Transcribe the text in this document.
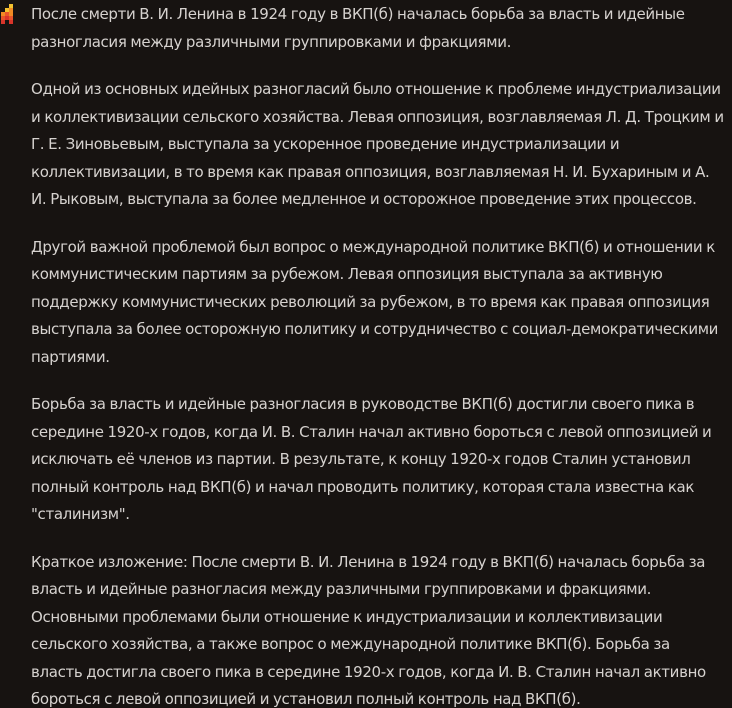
После смерти В. И. Ленина в 1924 году в ВКП(б) началась борьба за власть и идейные разногласия между различными группировками и фракциями.

Одной из основных идейных разногласий было отношение к проблеме индустриализации и коллективизации сельского хозяйства. Левая оппозиция, возглавляемая Л. Д. Троцким и Г. Е. Зиновьевым, выступала за ускоренное проведение индустриализации и коллективизации, в то время как правая оппозиция, возглавляемая Н. И. Бухариным и А. И. Рыковым, выступала за более медленное и осторожное проведение этих процессов.

Другой важной проблемой был вопрос о международной политике ВКП(б) и отношении к коммунистическим партиям за рубежом. Левая оппозиция выступала за активную поддержку коммунистических революций за рубежом, в то время как правая оппозиция выступала за более осторожную политику и сотрудничество с социал-демократическими партиями.

Борьба за власть и идейные разногласия в руководстве ВКП(б) достигли своего пика в середине 1920-х годов, когда И. В. Сталин начал активно бороться с левой оппозицией и исключать её членов из партии. В результате, к концу 1920-х годов Сталин установил полный контроль над ВКП(б) и начал проводить политику, которая стала известна как "сталинизм".

Краткое изложение: После смерти В. И. Ленина в 1924 году в ВКП(б) началась борьба за власть и идейные разногласия между различными группировками и фракциями. Основными проблемами были отношение к индустриализации и коллективизации сельского хозяйства, а также вопрос о международной политике ВКП(б). Борьба за власть достигла своего пика в середине 1920-х годов, когда И. В. Сталин начал активно бороться с левой оппозицией и установил полный контроль над ВКП(б).
